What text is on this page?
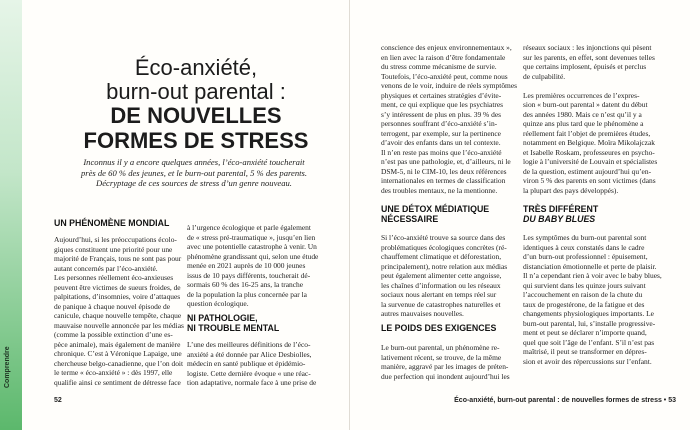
Comprendre
Éco-anxiété,
burn-out parental :
DE NOUVELLES
FORMES DE STRESS
Inconnus il y a encore quelques années, l’éco-anxiété toucherait
près de 60 % des jeunes, et le burn-out parental, 5 % des parents.
Décryptage de ces sources de stress d’un genre nouveau.
UN PHÉNOMÈNE MONDIAL
Aujourd’hui, si les préoccupations écolo-
giques constituent une priorité pour une
majorité de Français, tous ne sont pas pour
autant concernés par l’éco-anxiété.
Les personnes réellement éco-anxieuses
peuvent être victimes de sueurs froides, de
palpitations, d’insomnies, voire d’attaques
de panique à chaque nouvel épisode de
canicule, chaque nouvelle tempête, chaque
mauvaise nouvelle annoncée par les médias
(comme la possible extinction d’une es-
pèce animale), mais également de manière
chronique. C’est à Véronique Lapaige, une
chercheuse belgo-canadienne, que l’on doit
le terme « éco-anxiété » : dès 1997, elle
qualifie ainsi ce sentiment de détresse face
à l’urgence écologique et parle également
de « stress pré-traumatique », jusqu’en lien
avec une potentielle catastrophe à venir. Un
phénomène grandissant qui, selon une étude
menée en 2021 auprès de 10 000 jeunes
issus de 10 pays différents, toucherait dé-
sormais 60 % des 16-25 ans, la tranche
de la population la plus concernée par la
question écologique.
NI PATHOLOGIE,
NI TROUBLE MENTAL
L’une des meilleures définitions de l’éco-
anxiété a été donnée par Alice Desbiolles,
médecin en santé publique et épidémio-
logiste. Cette dernière évoque « une réac-
tion adaptative, normale face à une prise de
52
conscience des enjeux environnementaux »,
en lien avec la raison d’être fondamentale
du stress comme mécanisme de survie.
Toutefois, l’éco-anxiété peut, comme nous
venons de le voir, induire de réels symptômes
physiques et certaines stratégies d’évite-
ment, ce qui explique que les psychiatres
s’y intéressent de plus en plus. 39 % des
personnes souffrant d’éco-anxiété s’in-
terrogent, par exemple, sur la pertinence
d’avoir des enfants dans un tel contexte.
Il n’en reste pas moins que l’éco-anxiété
n’est pas une pathologie, et, d’ailleurs, ni le
DSM-5, ni le CIM-10, les deux références
internationales en termes de classification
des troubles mentaux, ne la mentionne.
UNE DÉTOX MÉDIATIQUE
NÉCESSAIRE
Si l’éco-anxiété trouve sa source dans des
problématiques écologiques concrètes (ré-
chauffement climatique et déforestation,
principalement), notre relation aux médias
peut également alimenter cette angoisse,
les chaînes d’information ou les réseaux
sociaux nous alertant en temps réel sur
la survenue de catastrophes naturelles et
autres mauvaises nouvelles.
LE POIDS DES EXIGENCES
Le burn-out parental, un phénomène re-
lativement récent, se trouve, de la même
manière, aggravé par les images de préten-
due perfection qui inondent aujourd’hui les
réseaux sociaux : les injonctions qui pèsent
sur les parents, en effet, sont devenues telles
que certains implosent, épuisés et perclus
de culpabilité.
Les premières occurrences de l’expres-
sion « burn-out parental » datent du début
des années 1980. Mais ce n’est qu’il y a
quinze ans plus tard que le phénomène a
réellement fait l’objet de premières études,
notamment en Belgique. Moïra Mikolajczak
et Isabelle Roskam, professeures en psycho-
logie à l’université de Louvain et spécialistes
de la question, estiment aujourd’hui qu’en-
viron 5 % des parents en sont victimes (dans
la plupart des pays développés).
TRÈS DIFFÉRENT
DU BABY BLUES
Les symptômes du burn-out parental sont
identiques à ceux constatés dans le cadre
d’un burn-out professionnel : épuisement,
distanciation émotionnelle et perte de plaisir.
Il n’a cependant rien à voir avec le baby blues,
qui survient dans les quinze jours suivant
l’accouchement en raison de la chute du
taux de progestérone, de la fatigue et des
changements physiologiques importants. Le
burn-out parental, lui, s’installe progressive-
ment et peut se déclarer n’importe quand,
quel que soit l’âge de l’enfant. S’il n’est pas
maîtrisé, il peut se transformer en dépres-
sion et avoir des répercussions sur l’enfant.
Éco-anxiété, burn-out parental : de nouvelles formes de stress • 53
